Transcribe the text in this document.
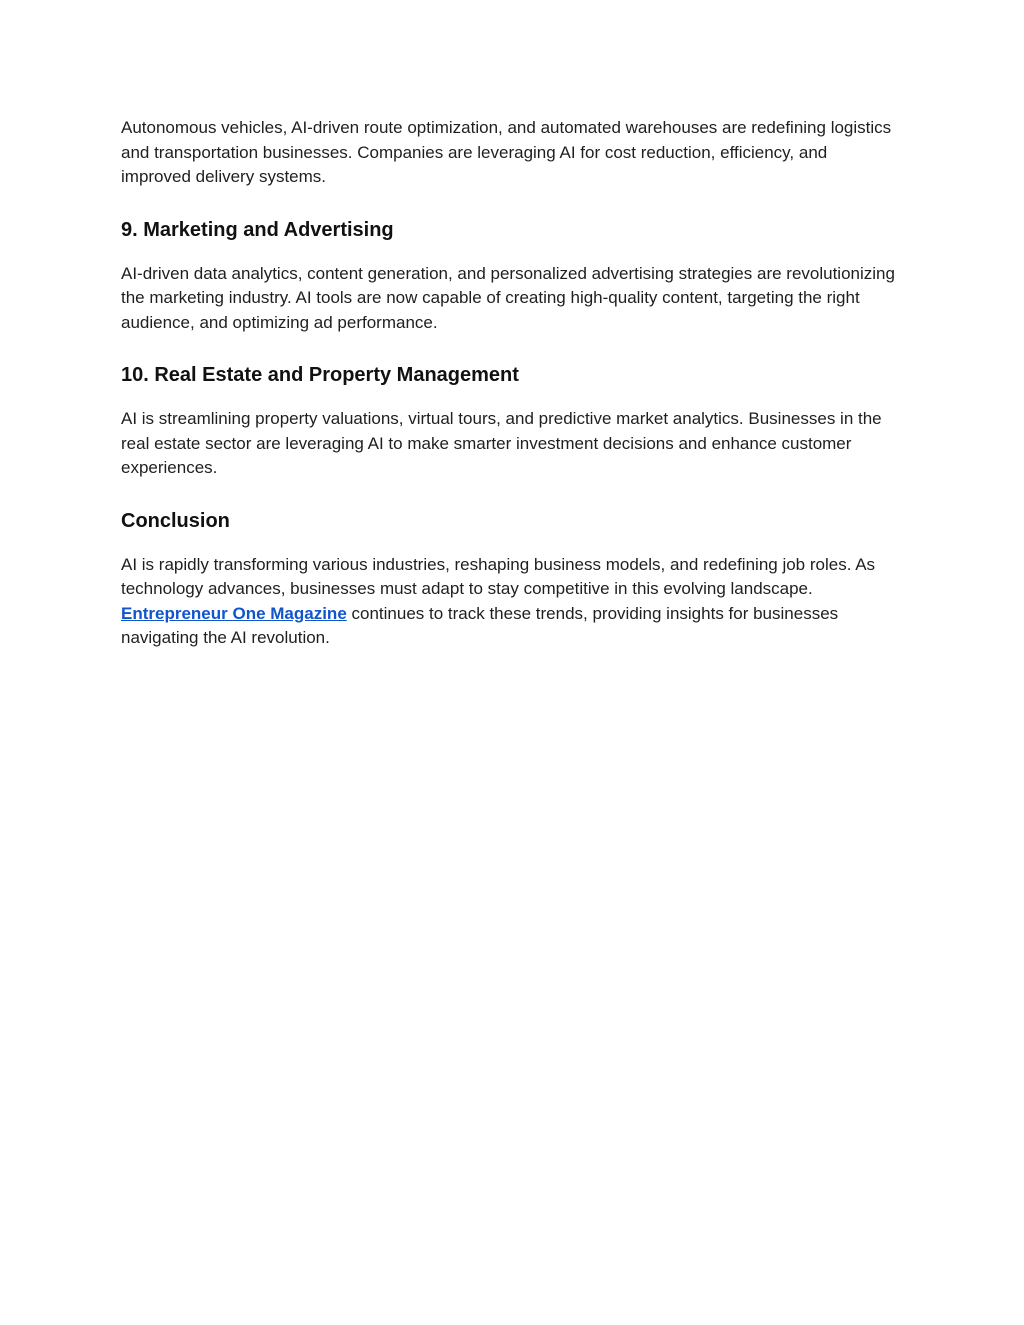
Autonomous vehicles, AI-driven route optimization, and automated warehouses are redefining logistics and transportation businesses. Companies are leveraging AI for cost reduction, efficiency, and improved delivery systems.

9. Marketing and Advertising

AI-driven data analytics, content generation, and personalized advertising strategies are revolutionizing the marketing industry. AI tools are now capable of creating high-quality content, targeting the right audience, and optimizing ad performance.

10. Real Estate and Property Management

AI is streamlining property valuations, virtual tours, and predictive market analytics. Businesses in the real estate sector are leveraging AI to make smarter investment decisions and enhance customer experiences.

Conclusion

AI is rapidly transforming various industries, reshaping business models, and redefining job roles. As technology advances, businesses must adapt to stay competitive in this evolving landscape. Entrepreneur One Magazine continues to track these trends, providing insights for businesses navigating the AI revolution.
